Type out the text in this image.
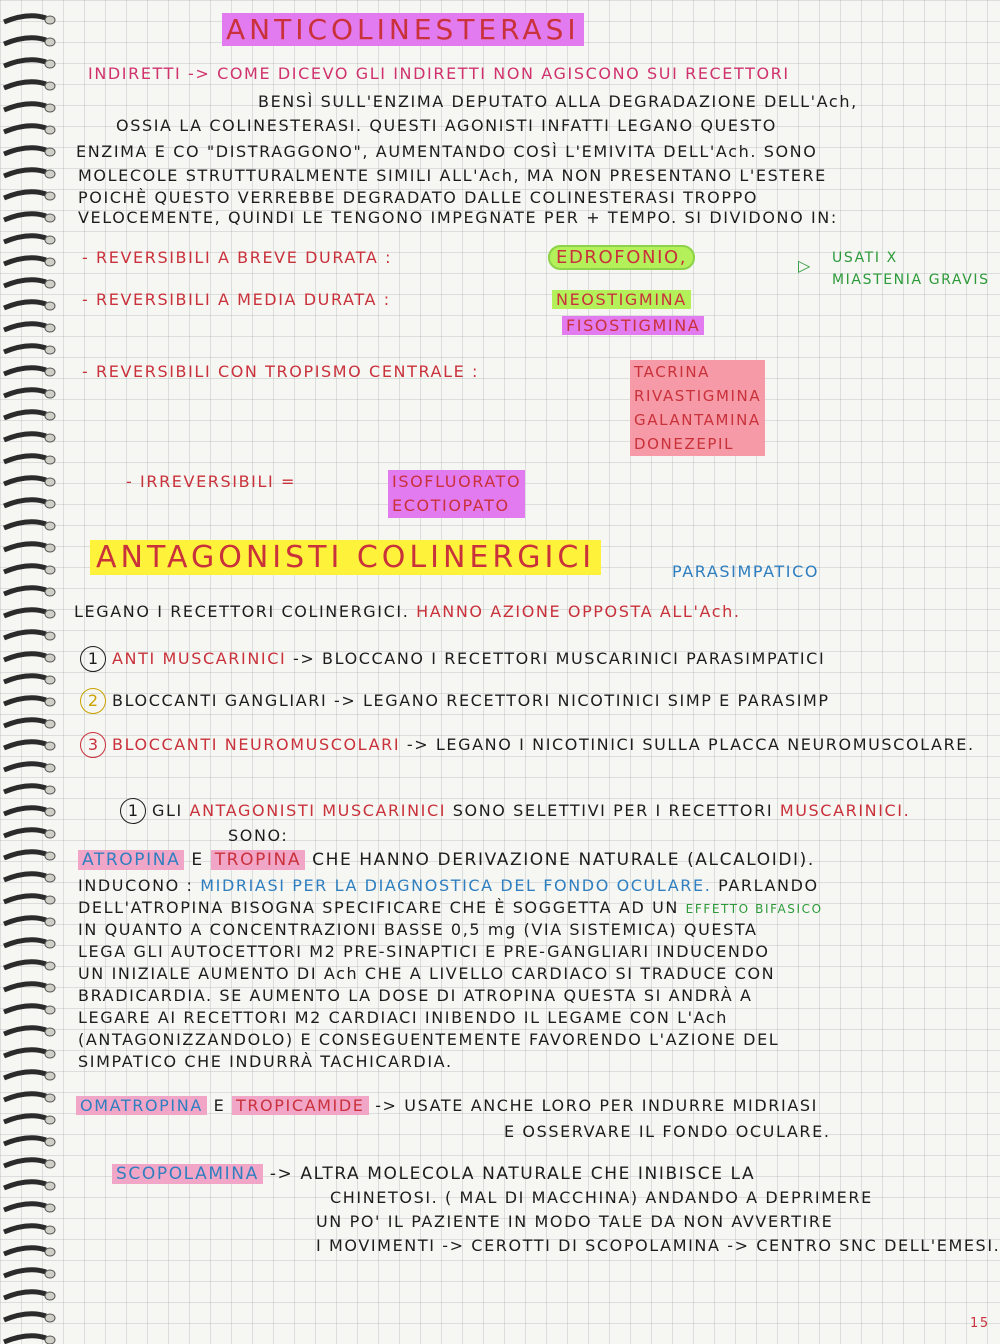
ANTICOLINESTERASI
INDIRETTI -> COME DICEVO GLI INDIRETTI NON AGISCONO SUI RECETTORI
BENSÌ SULL'ENZIMA DEPUTATO ALLA DEGRADAZIONE DELL'Ach,
OSSIA LA COLINESTERASI. QUESTI AGONISTI INFATTI LEGANO QUESTO
ENZIMA E CO "DISTRAGGONO", AUMENTANDO COSÌ L'EMIVITA DELL'Ach. SONO
MOLECOLE STRUTTURALMENTE SIMILI ALL'Ach, MA NON PRESENTANO L'ESTERE
POICHÈ QUESTO VERREBBE DEGRADATO DALLE COLINESTERASI TROPPO
VELOCEMENTE, QUINDI LE TENGONO IMPEGNATE PER + TEMPO. SI DIVIDONO IN:
- REVERSIBILI A BREVE DURATA :	EDROFONIO,
- REVERSIBILI A MEDIA DURATA :	NEOSTIGMINA
FISOSTIGMINA
▷ USATI X
MIASTENIA GRAVIS
- REVERSIBILI CON TROPISMO CENTRALE :	TACRINA
RIVASTIGMINA
GALANTAMINA
DONEZEPIL
- IRREVERSIBILI =	ISOFLUORATO
ECOTIOPATO
ANTAGONISTI COLINERGICI	PARASIMPATICO
LEGANO I RECETTORI COLINERGICI. HANNO AZIONE OPPOSTA ALL'Ach.
1 ANTI MUSCARINICI -> BLOCCANO I RECETTORI MUSCARINICI PARASIMPATICI
2 BLOCCANTI GANGLIARI -> LEGANO RECETTORI NICOTINICI SIMP E PARASIMP
3 BLOCCANTI NEUROMUSCOLARI -> LEGANO I NICOTINICI SULLA PLACCA NEUROMUSCOLARE.
1 GLI ANTAGONISTI MUSCARINICI SONO SELETTIVI PER I RECETTORI MUSCARINICI.
SONO:
ATROPINA E TROPINA CHE HANNO DERIVAZIONE NATURALE (ALCALOIDI).
INDUCONO : MIDRIASI PER LA DIAGNOSTICA DEL FONDO OCULARE. PARLANDO
DELL'ATROPINA BISOGNA SPECIFICARE CHE È SOGGETTA AD UN EFFETTO BIFASICO
IN QUANTO A CONCENTRAZIONI BASSE 0,5 mg (VIA SISTEMICA) QUESTA
LEGA GLI AUTOCETTORI M2 PRE-SINAPTICI E PRE-GANGLIARI INDUCENDO
UN INIZIALE AUMENTO DI Ach CHE A LIVELLO CARDIACO SI TRADUCE CON
BRADICARDIA. SE AUMENTO LA DOSE DI ATROPINA QUESTA SI ANDRÀ A
LEGARE AI RECETTORI M2 CARDIACI INIBENDO IL LEGAME CON L'Ach
(ANTAGONIZZANDOLO) E CONSEGUENTEMENTE FAVORENDO L'AZIONE DEL
SIMPATICO CHE INDURRÀ TACHICARDIA.
OMATROPINA E TROPICAMIDE -> USATE ANCHE LORO PER INDURRE MIDRIASI
E OSSERVARE IL FONDO OCULARE.
SCOPOLAMINA -> ALTRA MOLECOLA NATURALE CHE INIBISCE LA
CHINETOSI. ( MAL DI MACCHINA) ANDANDO A DEPRIMERE
UN PO' IL PAZIENTE IN MODO TALE DA NON AVVERTIRE
I MOVIMENTI -> CEROTTI DI SCOPOLAMINA -> CENTRO SNC DELL'EMESI.
15
